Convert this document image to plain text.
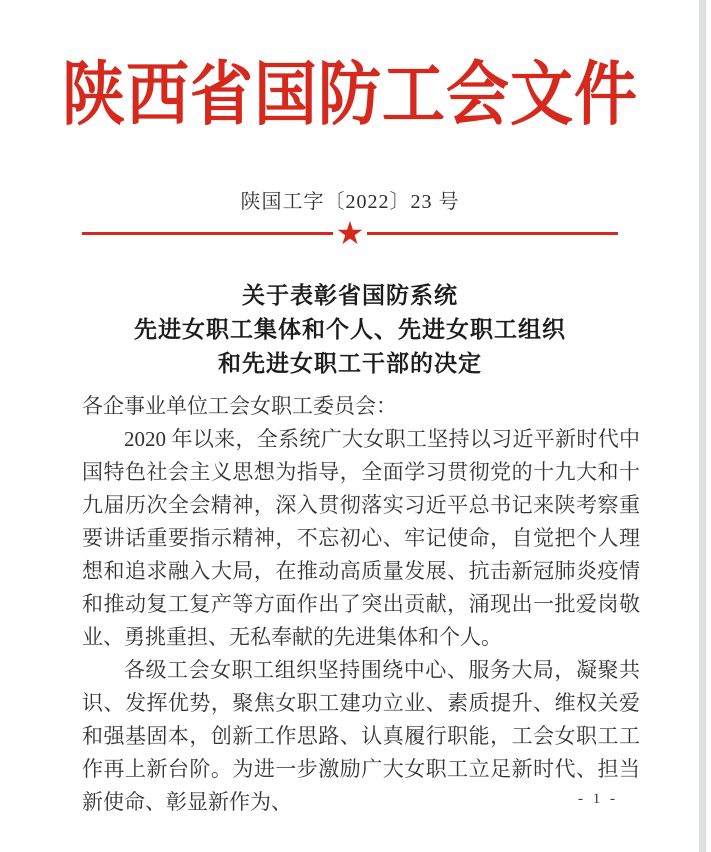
陕西省国防工会文件
陕国工字〔2022〕23 号
★
关于表彰省国防系统
先进女职工集体和个人、先进女职工组织
和先进女职工干部的决定

各企事业单位工会女职工委员会：

2020 年以来，全系统广大女职工坚持以习近平新时代中国特色社会主义思想为指导，全面学习贯彻党的十九大和十九届历次全会精神，深入贯彻落实习近平总书记来陕考察重要讲话重要指示精神，不忘初心、牢记使命，自觉把个人理想和追求融入大局，在推动高质量发展、抗击新冠肺炎疫情和推动复工复产等方面作出了突出贡献，涌现出一批爱岗敬业、勇挑重担、无私奉献的先进集体和个人。

各级工会女职工组织坚持围绕中心、服务大局，凝聚共识、发挥优势，聚焦女职工建功立业、素质提升、维权关爱和强基固本，创新工作思路、认真履行职能，工会女职工工作再上新台阶。为进一步激励广大女职工立足新时代、担当新使命、彰显新作为、	- 1 -
